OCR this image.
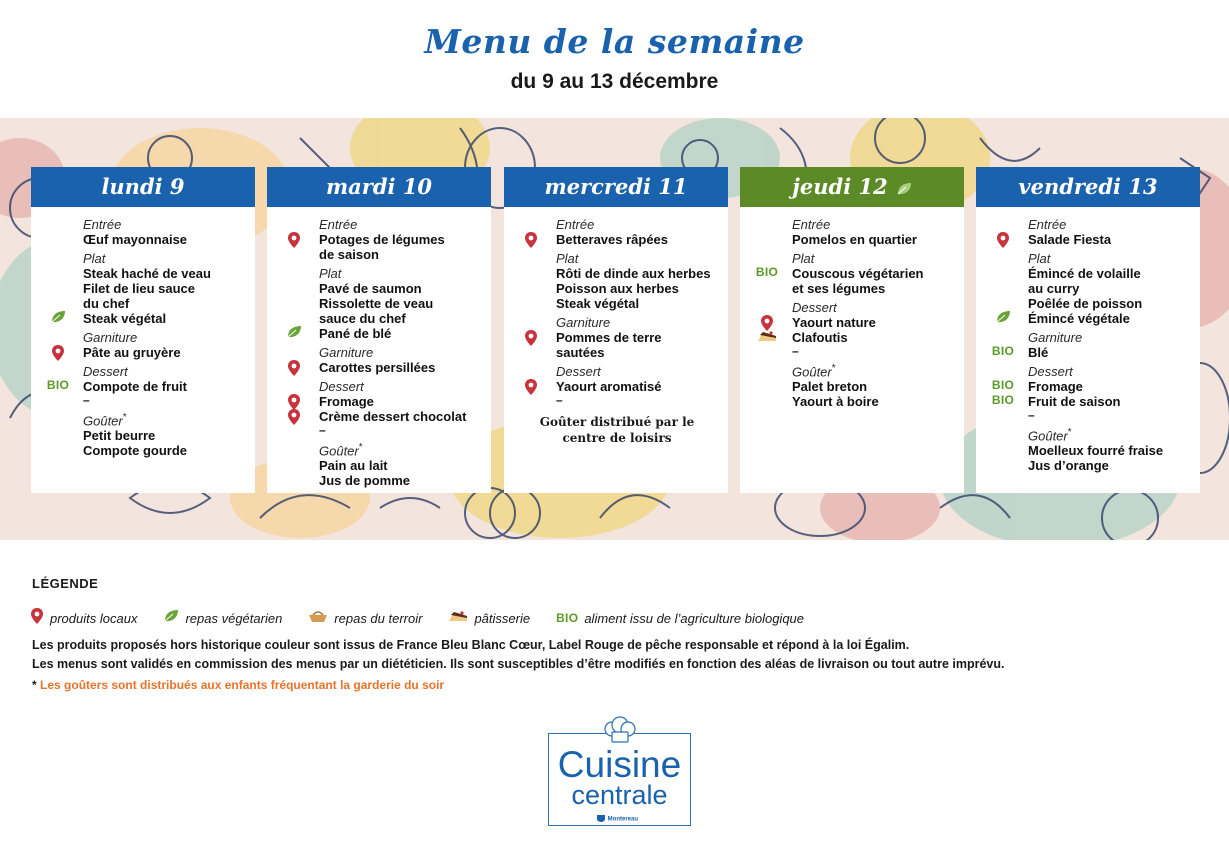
Menu de la semaine
du 9 au 13 décembre
lundi 9
Entrée
Œuf mayonnaise
Plat
Steak haché de veau
Filet de lieu sauce
du chef
Steak végétal
Garniture
Pâte au gruyère
Dessert
BIO Compote de fruit
–
Goûter*
Petit beurre
Compote gourde
mardi 10
Entrée
Potages de légumes
de saison
Plat
Pavé de saumon
Rissolette de veau
sauce du chef
Pané de blé
Garniture
Carottes persillées
Dessert
Fromage
Crème dessert chocolat
–
Goûter*
Pain au lait
Jus de pomme
mercredi 11
Entrée
Betteraves râpées
Plat
Rôti de dinde aux herbes
Poisson aux herbes
Steak végétal
Garniture
Pommes de terre
sautées
Dessert
Yaourt aromatisé
–
Goûter distribué par le
centre de loisirs
jeudi 12
Entrée
Pomelos en quartier
Plat
BIO Couscous végétarien
et ses légumes
Dessert
Yaourt nature
Clafoutis
–
Goûter*
Palet breton
Yaourt à boire
vendredi 13
Entrée
Salade Fiesta
Plat
Émincé de volaille
au curry
Poêlée de poisson
Émincé végétale
Garniture
BIO Blé
Dessert
BIO Fromage
BIO Fruit de saison
–
Goûter*
Moelleux fourré fraise
Jus d’orange
LÉGENDE
produits locaux	repas végétarien	repas du terroir	pâtisserie BIO aliment issu de l’agriculture biologique
Les produits proposés hors historique couleur sont issus de France Bleu Blanc Cœur, Label Rouge de pêche responsable et répond à la loi Égalim.
Les menus sont validés en commission des menus par un diététicien. Ils sont susceptibles d’être modifiés en fonction des aléas de livraison ou tout autre imprévu.
* Les goûters sont distribués aux enfants fréquentant la garderie du soir
Cuisine
centrale
Montereau
